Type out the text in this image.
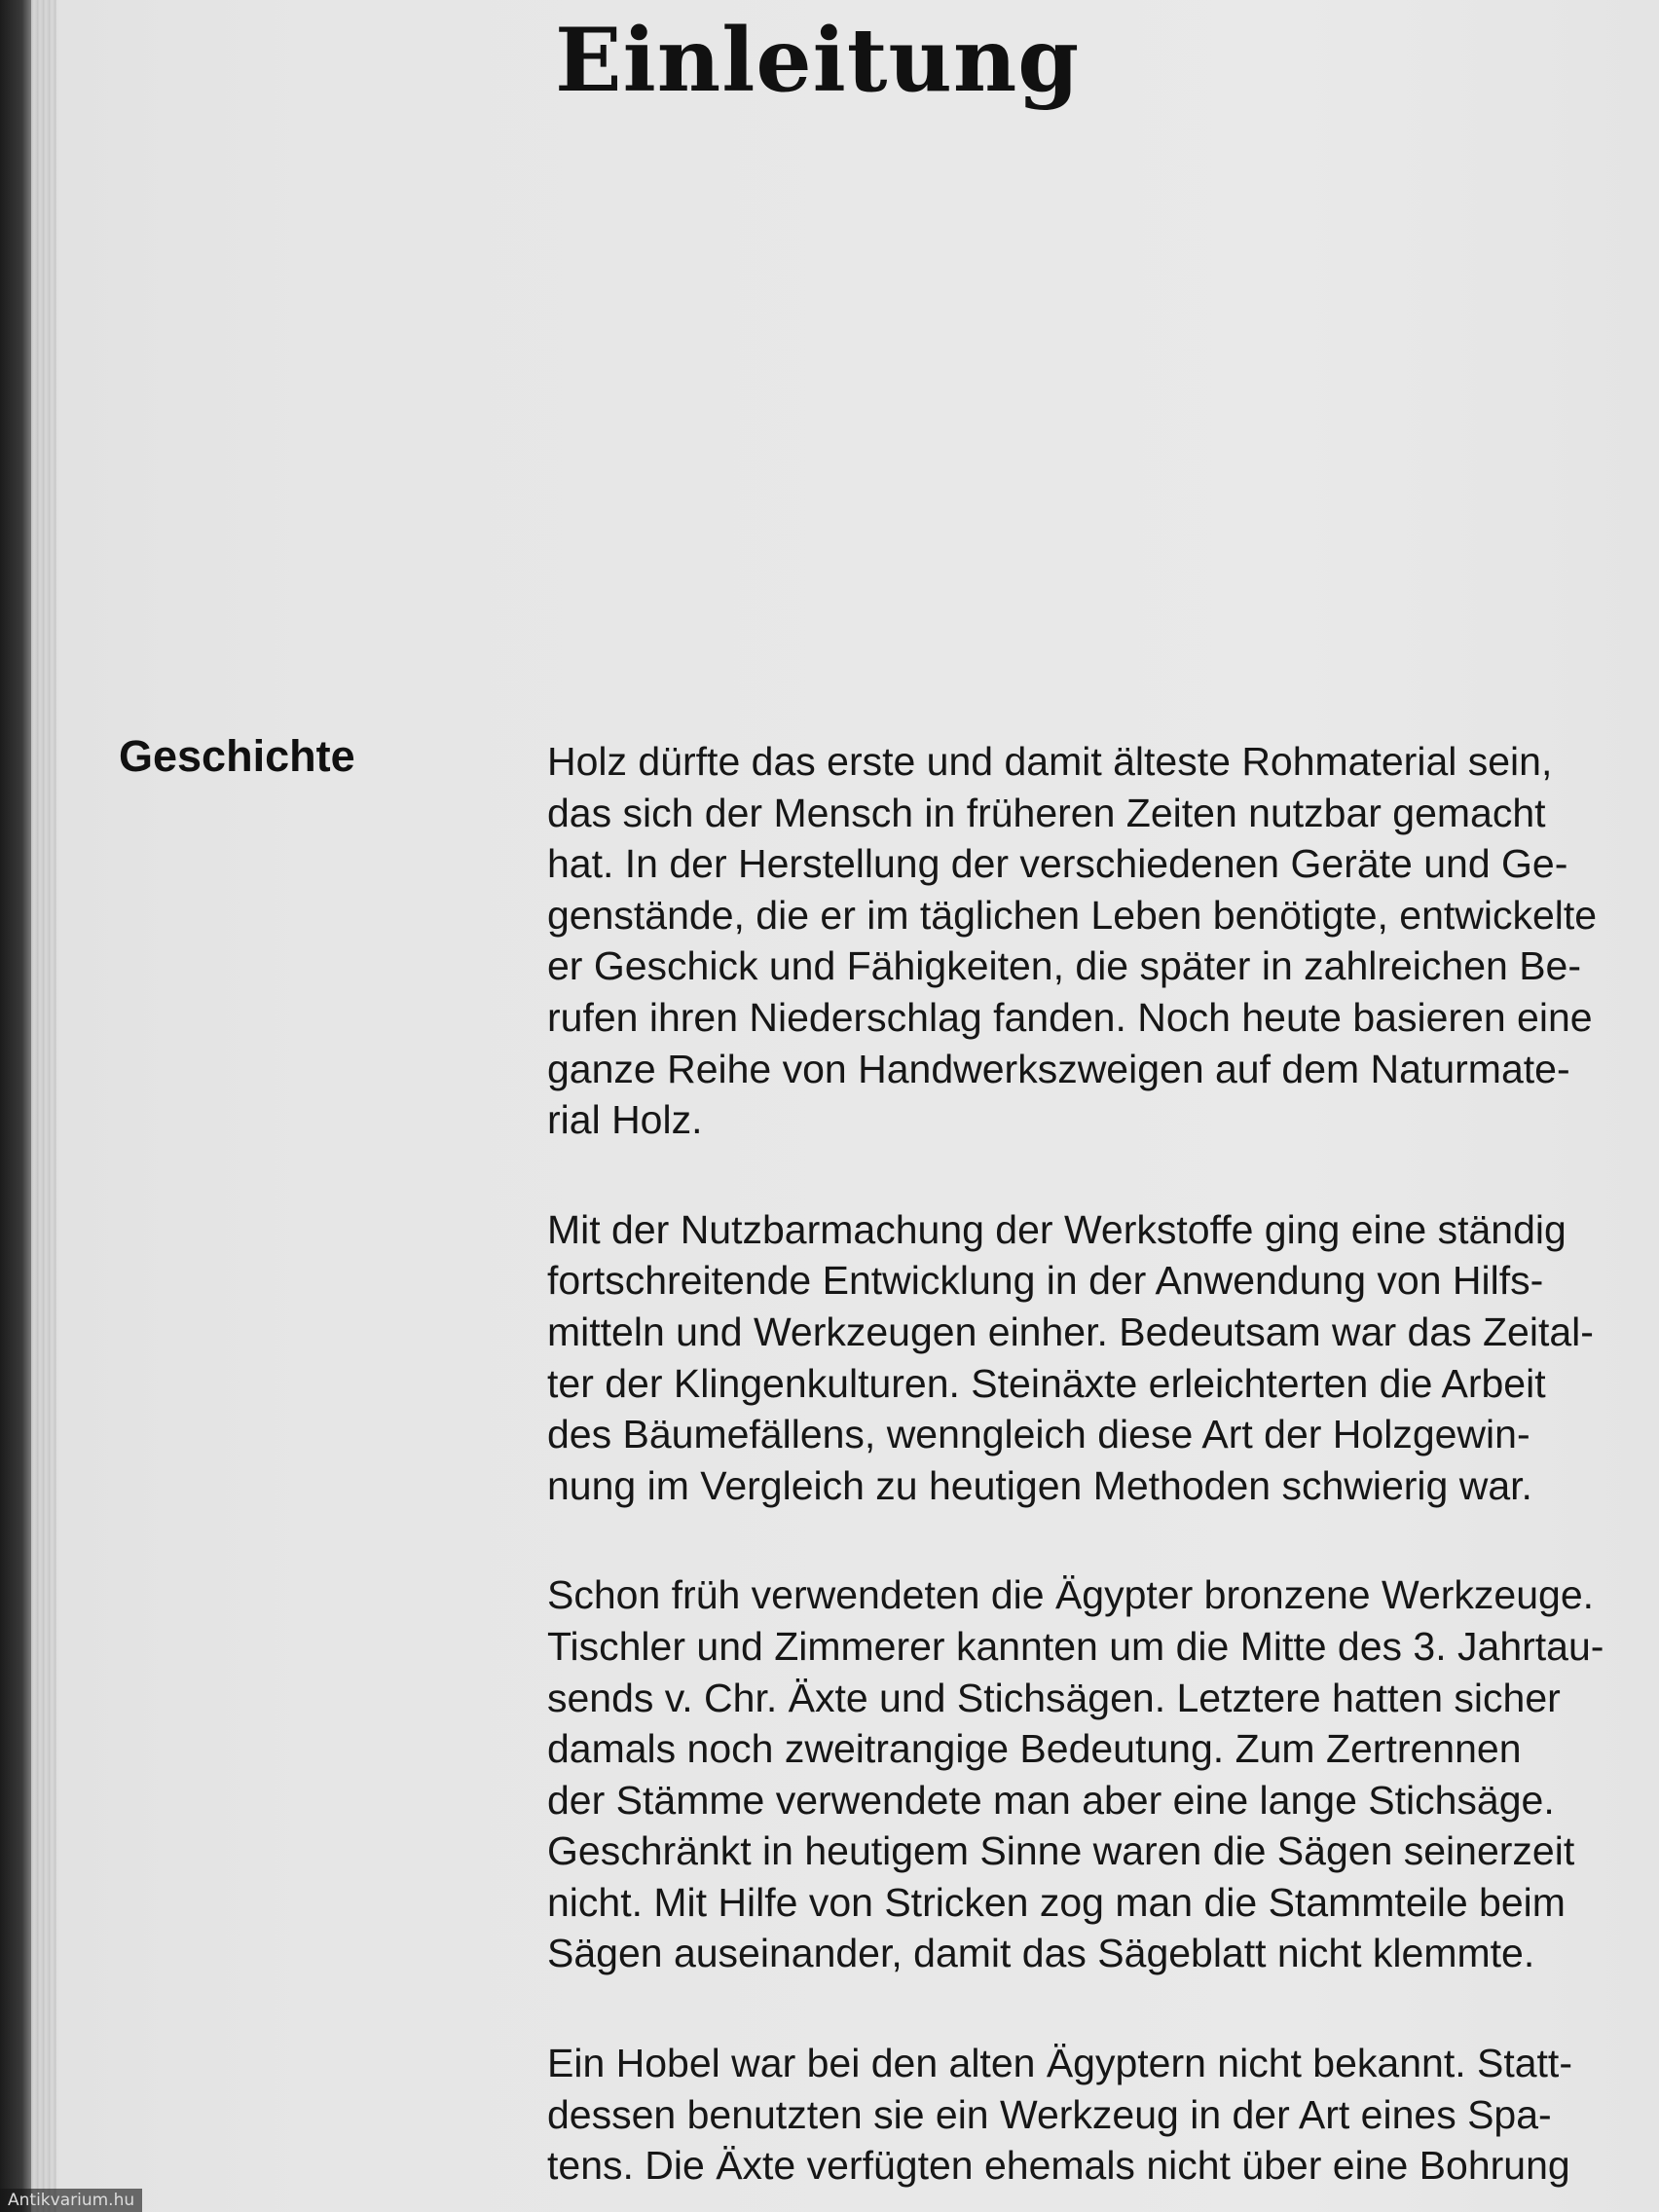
Einleitung
Geschichte	Holz dürfte das erste und damit älteste Rohmaterial sein,
das sich der Mensch in früheren Zeiten nutzbar gemacht
hat. In der Herstellung der verschiedenen Geräte und Ge-
genstände, die er im täglichen Leben benötigte, entwickelte
er Geschick und Fähigkeiten, die später in zahlreichen Be-
rufen ihren Niederschlag fanden. Noch heute basieren eine
ganze Reihe von Handwerkszweigen auf dem Naturmate-
rial Holz.

Mit der Nutzbarmachung der Werkstoffe ging eine ständig
fortschreitende Entwicklung in der Anwendung von Hilfs-
mitteln und Werkzeugen einher. Bedeutsam war das Zeital-
ter der Klingenkulturen. Steinäxte erleichterten die Arbeit
des Bäumefällens, wenngleich diese Art der Holzgewin-
nung im Vergleich zu heutigen Methoden schwierig war.

Schon früh verwendeten die Ägypter bronzene Werkzeuge.
Tischler und Zimmerer kannten um die Mitte des 3. Jahrtau-
sends v. Chr. Äxte und Stichsägen. Letztere hatten sicher
damals noch zweitrangige Bedeutung. Zum Zertrennen
der Stämme verwendete man aber eine lange Stichsäge.
Geschränkt in heutigem Sinne waren die Sägen seinerzeit
nicht. Mit Hilfe von Stricken zog man die Stammteile beim
Sägen auseinander, damit das Sägeblatt nicht klemmte.

Ein Hobel war bei den alten Ägyptern nicht bekannt. Statt-
dessen benutzten sie ein Werkzeug in der Art eines Spa-
tens. Die Äxte verfügten ehemals nicht über eine Bohrung

Antikvarium.hu
